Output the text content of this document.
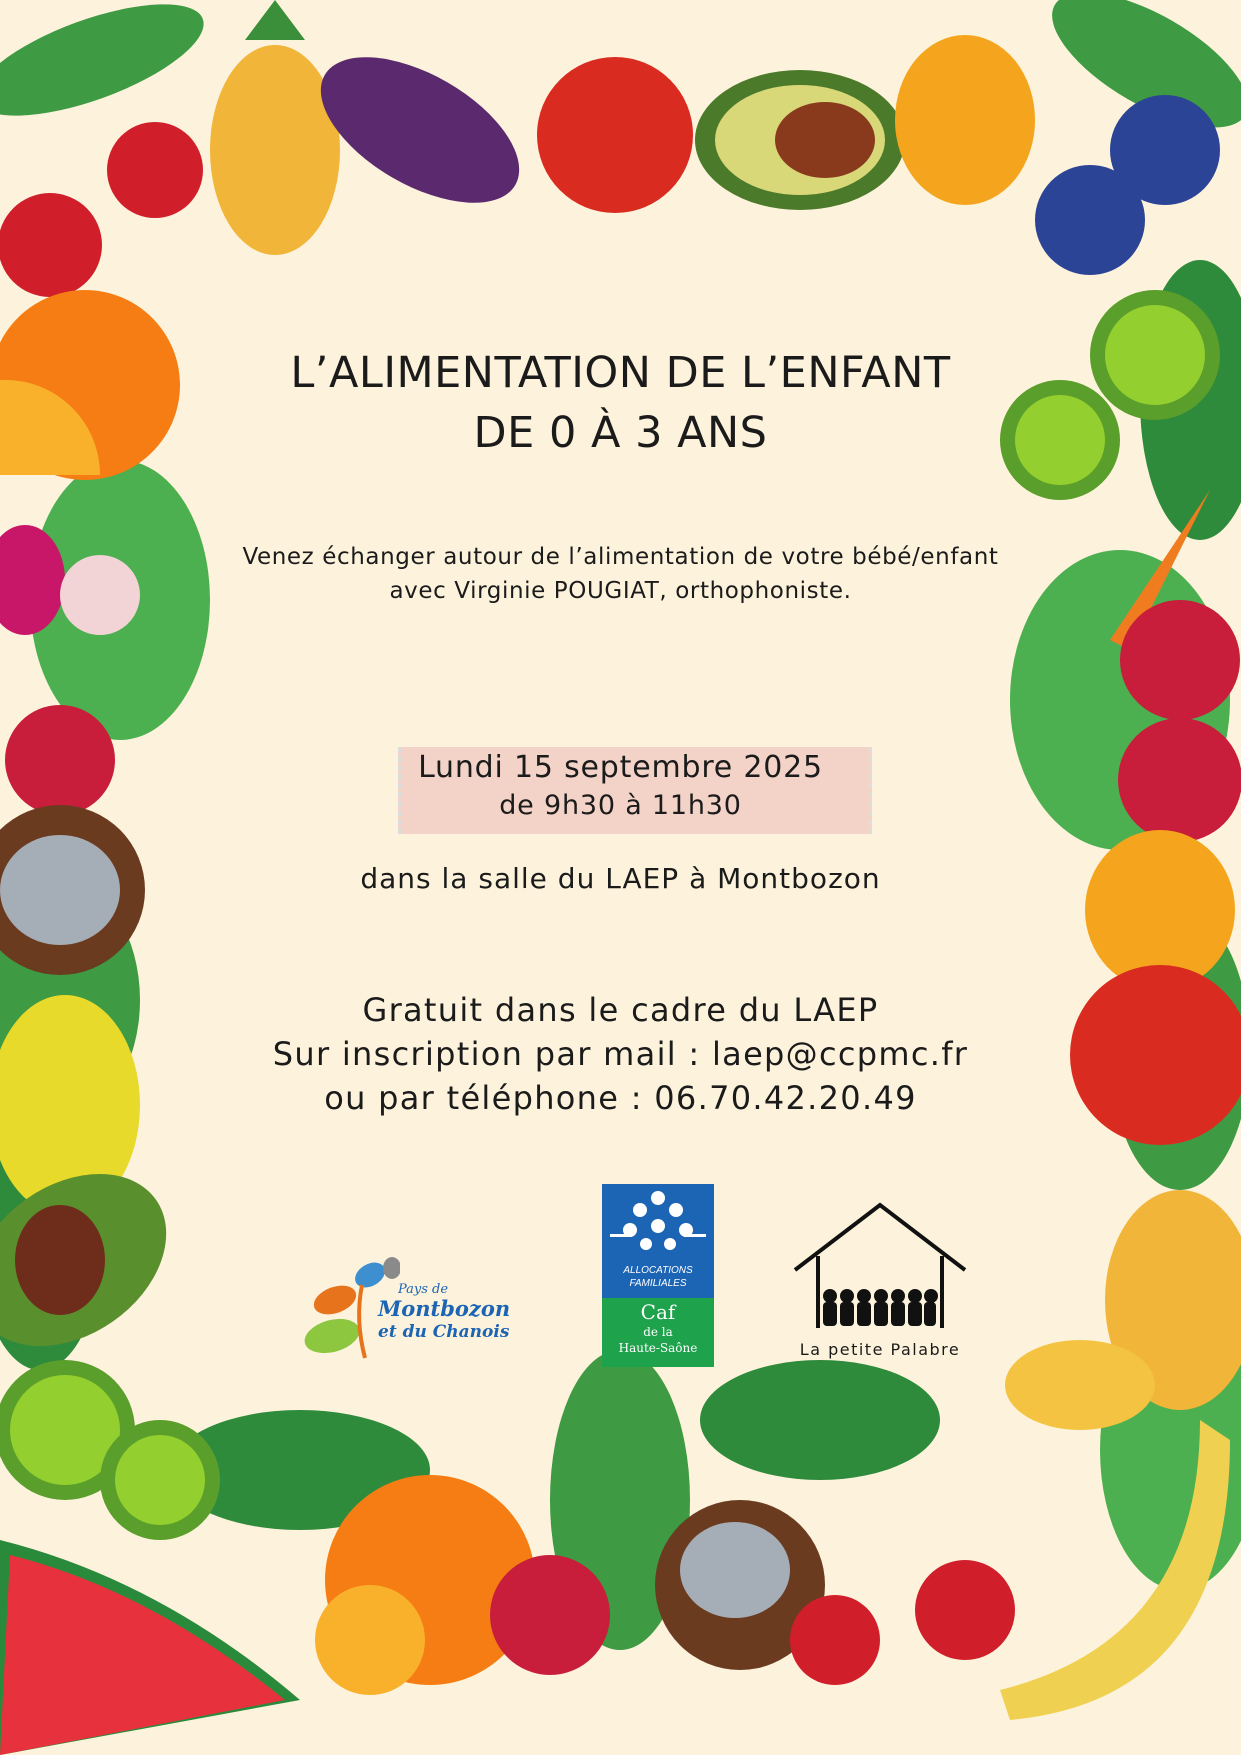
L’ALIMENTATION DE L’ENFANT
DE 0 À 3 ANS
Venez échanger autour de l’alimentation de votre bébé/enfant
avec Virginie POUGIAT, orthophoniste.
Lundi 15 septembre 2025
de 9h30 à 11h30
dans la salle du LAEP à Montbozon
Gratuit dans le cadre du LAEP
Sur inscription par mail : laep@ccpmc.fr
ou par téléphone : 06.70.42.20.49
Pays de
Montbozon
et du Chanois
ALLOCATIONS
FAMILIALES
Caf
de la
Haute-Saône	La petite Palabre
